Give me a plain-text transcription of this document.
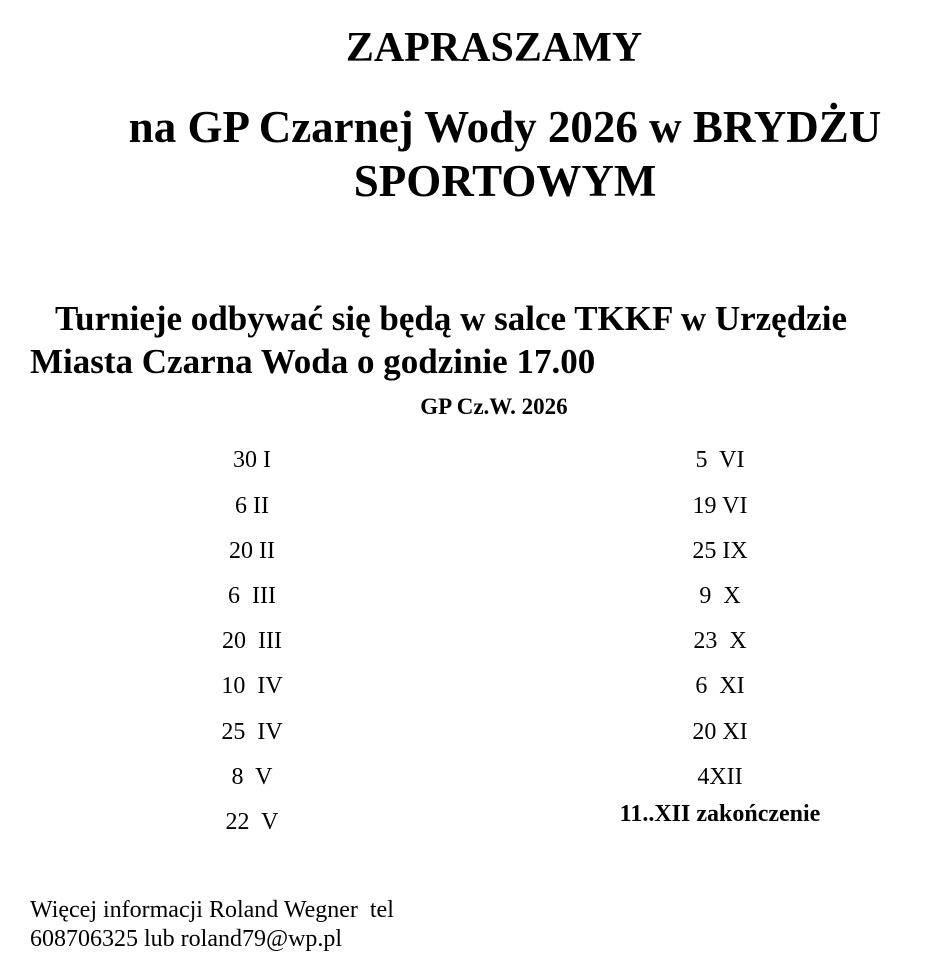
ZAPRASZAMY
na GP Czarnej Wody 2026 w BRYDŻU SPORTOWYM
Turnieje odbywać się będą w salce TKKF w Urzędzie Miasta Czarna Woda o godzinie 17.00
GP Cz.W. 2026
30 I
6 II
20 II
6  III
20  III
10  IV
25  IV
8  V
22  V
5  VI
19 VI
25 IX
9  X
23  X
6  XI
20 XI
4XII
11..XII zakończenie
Więcej informacji Roland Wegner  tel
608706325 lub roland79@wp.pl
